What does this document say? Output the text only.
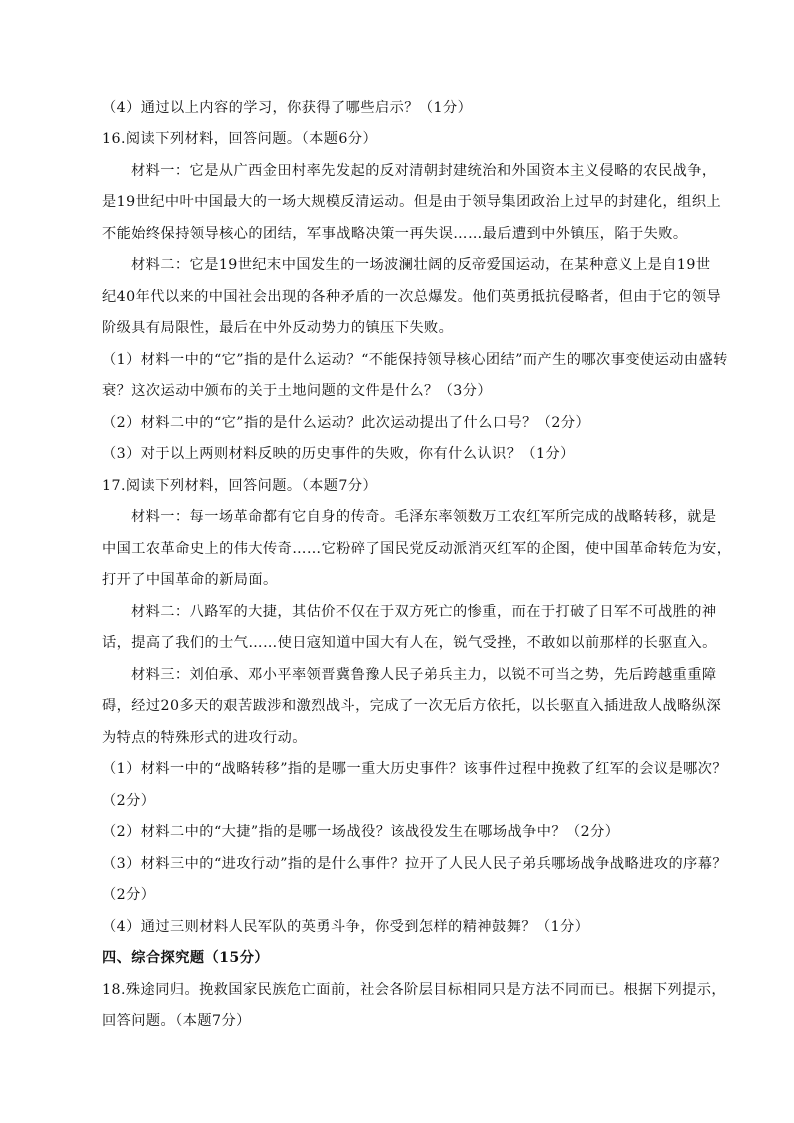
（4）通过以上内容的学习，你获得了哪些启示？（1分）
16.阅读下列材料，回答问题。（本题6分）
材料一：它是从广西金田村率先发起的反对清朝封建统治和外国资本主义侵略的农民战争，
是19世纪中叶中国最大的一场大规模反清运动。但是由于领导集团政治上过早的封建化，组织上
不能始终保持领导核心的团结，军事战略决策一再失误……最后遭到中外镇压，陷于失败。
材料二：它是19世纪末中国发生的一场波澜壮阔的反帝爱国运动，在某种意义上是自19世
纪40年代以来的中国社会出现的各种矛盾的一次总爆发。他们英勇抵抗侵略者，但由于它的领导
阶级具有局限性，最后在中外反动势力的镇压下失败。
（1）材料一中的“它”指的是什么运动？“不能保持领导核心团结”而产生的哪次事变使运动由盛转
衰？这次运动中颁布的关于土地问题的文件是什么？（3分）
（2）材料二中的“它”指的是什么运动？此次运动提出了什么口号？（2分）
（3）对于以上两则材料反映的历史事件的失败，你有什么认识？（1分）
17.阅读下列材料，回答问题。（本题7分）
材料一：每一场革命都有它自身的传奇。毛泽东率领数万工农红军所完成的战略转移，就是
中国工农革命史上的伟大传奇……它粉碎了国民党反动派消灭红军的企图，使中国革命转危为安，
打开了中国革命的新局面。
材料二：八路军的大捷，其估价不仅在于双方死亡的惨重，而在于打破了日军不可战胜的神
话，提高了我们的士气……使日寇知道中国大有人在，锐气受挫，不敢如以前那样的长驱直入。
材料三：刘伯承、邓小平率领晋冀鲁豫人民子弟兵主力，以锐不可当之势，先后跨越重重障
碍，经过20多天的艰苦跋涉和激烈战斗，完成了一次无后方依托，以长驱直入插进敌人战略纵深
为特点的特殊形式的进攻行动。
（1）材料一中的“战略转移”指的是哪一重大历史事件？该事件过程中挽救了红军的会议是哪次？
（2分）
（2）材料二中的“大捷”指的是哪一场战役？该战役发生在哪场战争中？（2分）
（3）材料三中的“进攻行动”指的是什么事件？拉开了人民人民子弟兵哪场战争战略进攻的序幕？
（2分）
（4）通过三则材料人民军队的英勇斗争，你受到怎样的精神鼓舞？（1分）
四、综合探究题（15分）
18.殊途同归。挽救国家民族危亡面前，社会各阶层目标相同只是方法不同而已。根据下列提示，
回答问题。（本题7分）
